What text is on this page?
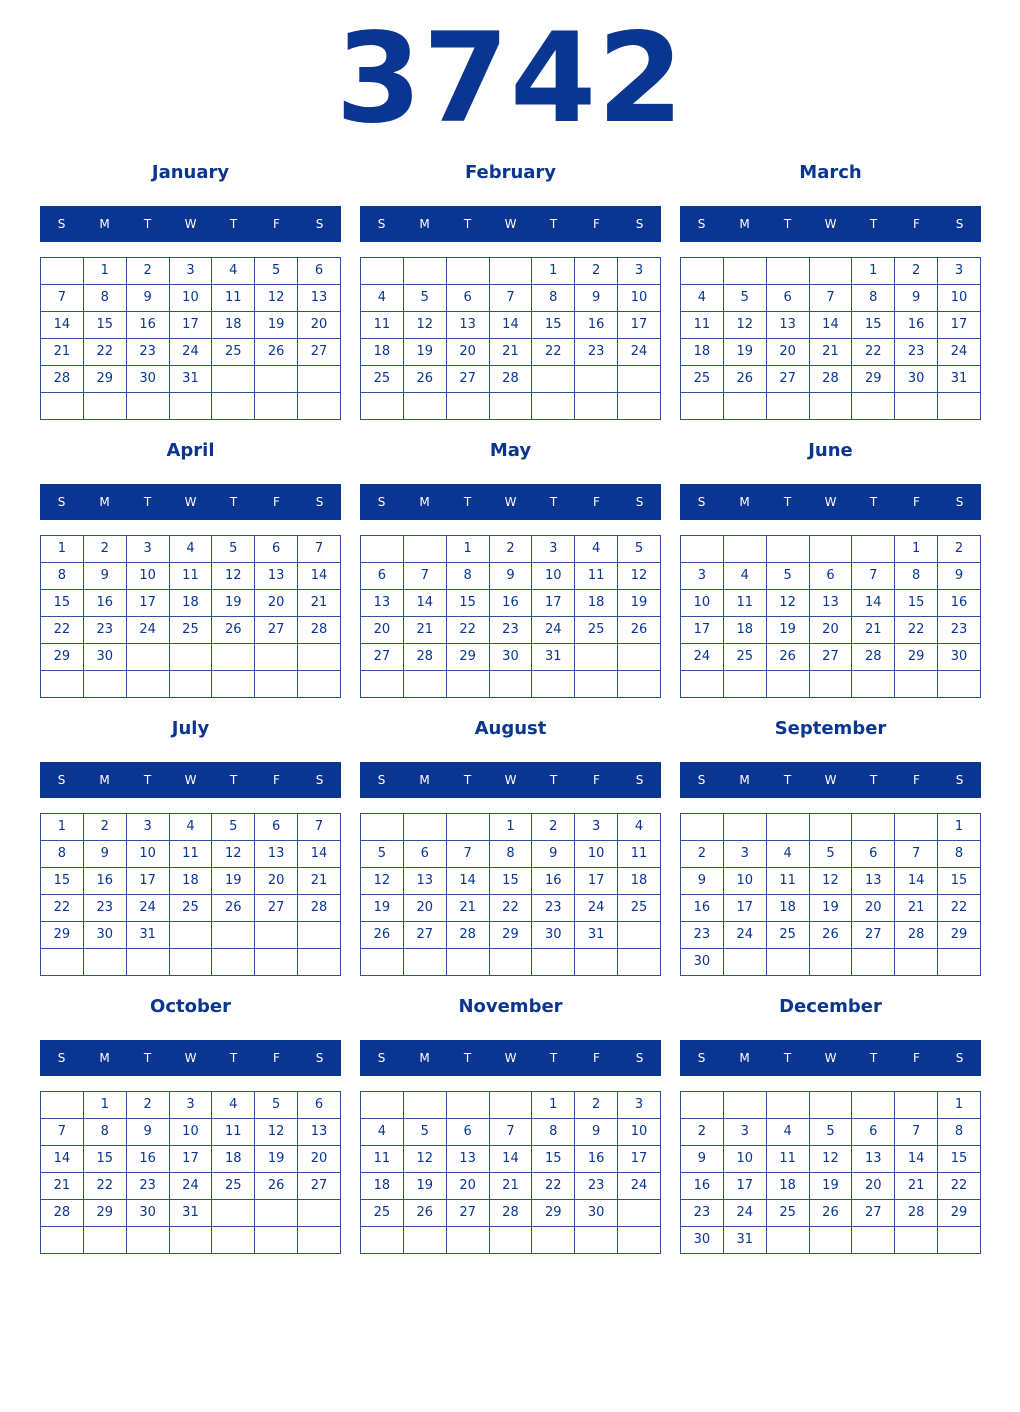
3742
January
S	M	T	W	T	F	S
	1	2	3	4	5	6
7	8	9	10	11	12	13
14	15	16	17	18	19	20
21	22	23	24	25	26	27
28	29	30	31			

February
S	M	T	W	T	F	S
				1	2	3
4	5	6	7	8	9	10
11	12	13	14	15	16	17
18	19	20	21	22	23	24
25	26	27	28			

March
S	M	T	W	T	F	S
				1	2	3
4	5	6	7	8	9	10
11	12	13	14	15	16	17
18	19	20	21	22	23	24
25	26	27	28	29	30	31

April
S	M	T	W	T	F	S
1	2	3	4	5	6	7
8	9	10	11	12	13	14
15	16	17	18	19	20	21
22	23	24	25	26	27	28
29	30					

May
S	M	T	W	T	F	S
		1	2	3	4	5
6	7	8	9	10	11	12
13	14	15	16	17	18	19
20	21	22	23	24	25	26
27	28	29	30	31		

June
S	M	T	W	T	F	S
					1	2
3	4	5	6	7	8	9
10	11	12	13	14	15	16
17	18	19	20	21	22	23
24	25	26	27	28	29	30

July
S	M	T	W	T	F	S
1	2	3	4	5	6	7
8	9	10	11	12	13	14
15	16	17	18	19	20	21
22	23	24	25	26	27	28
29	30	31				

August
S	M	T	W	T	F	S
			1	2	3	4
5	6	7	8	9	10	11
12	13	14	15	16	17	18
19	20	21	22	23	24	25
26	27	28	29	30	31	

September
S	M	T	W	T	F	S
						1
2	3	4	5	6	7	8
9	10	11	12	13	14	15
16	17	18	19	20	21	22
23	24	25	26	27	28	29
30						
October
S	M	T	W	T	F	S
	1	2	3	4	5	6
7	8	9	10	11	12	13
14	15	16	17	18	19	20
21	22	23	24	25	26	27
28	29	30	31			

November
S	M	T	W	T	F	S
				1	2	3
4	5	6	7	8	9	10
11	12	13	14	15	16	17
18	19	20	21	22	23	24
25	26	27	28	29	30	

December
S	M	T	W	T	F	S
						1
2	3	4	5	6	7	8
9	10	11	12	13	14	15
16	17	18	19	20	21	22
23	24	25	26	27	28	29
30	31					
